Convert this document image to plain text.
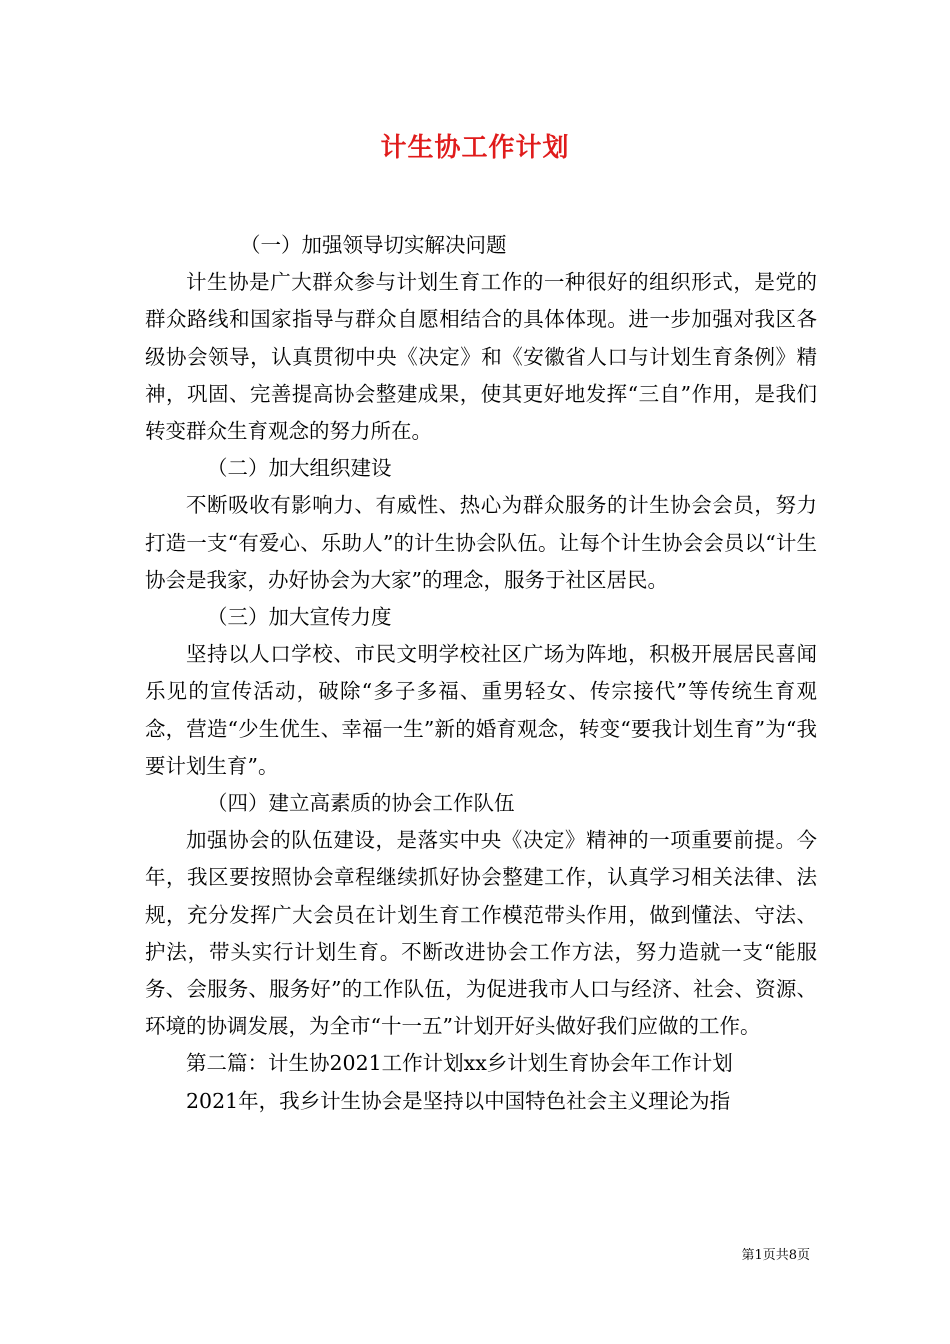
计生协工作计划

（一）加强领导切实解决问题

计生协是广大群众参与计划生育工作的一种很好的组织形式，是党的群众路线和国家指导与群众自愿相结合的具体体现。进一步加强对我区各级协会领导，认真贯彻中央《决定》和《安徽省人口与计划生育条例》精神，巩固、完善提高协会整建成果，使其更好地发挥“三自”作用，是我们转变群众生育观念的努力所在。

（二）加大组织建设

不断吸收有影响力、有威性、热心为群众服务的计生协会会员，努力打造一支“有爱心、乐助人”的计生协会队伍。让每个计生协会会员以“计生协会是我家，办好协会为大家”的理念，服务于社区居民。

（三）加大宣传力度

坚持以人口学校、市民文明学校社区广场为阵地，积极开展居民喜闻乐见的宣传活动，破除“多子多福、重男轻女、传宗接代”等传统生育观念，营造“少生优生、幸福一生”新的婚育观念，转变“要我计划生育”为“我要计划生育”。

（四）建立高素质的协会工作队伍

加强协会的队伍建设，是落实中央《决定》精神的一项重要前提。今年，我区要按照协会章程继续抓好协会整建工作，认真学习相关法律、法规，充分发挥广大会员在计划生育工作模范带头作用，做到懂法、守法、护法，带头实行计划生育。不断改进协会工作方法，努力造就一支“能服务、会服务、服务好”的工作队伍，为促进我市人口与经济、社会、资源、环境的协调发展，为全市“十一五”计划开好头做好我们应做的工作。

第二篇：计生协2021工作计划xx乡计划生育协会年工作计划

2021年，我乡计生协会是坚持以中国特色社会主义理论为指

第1页共8页
